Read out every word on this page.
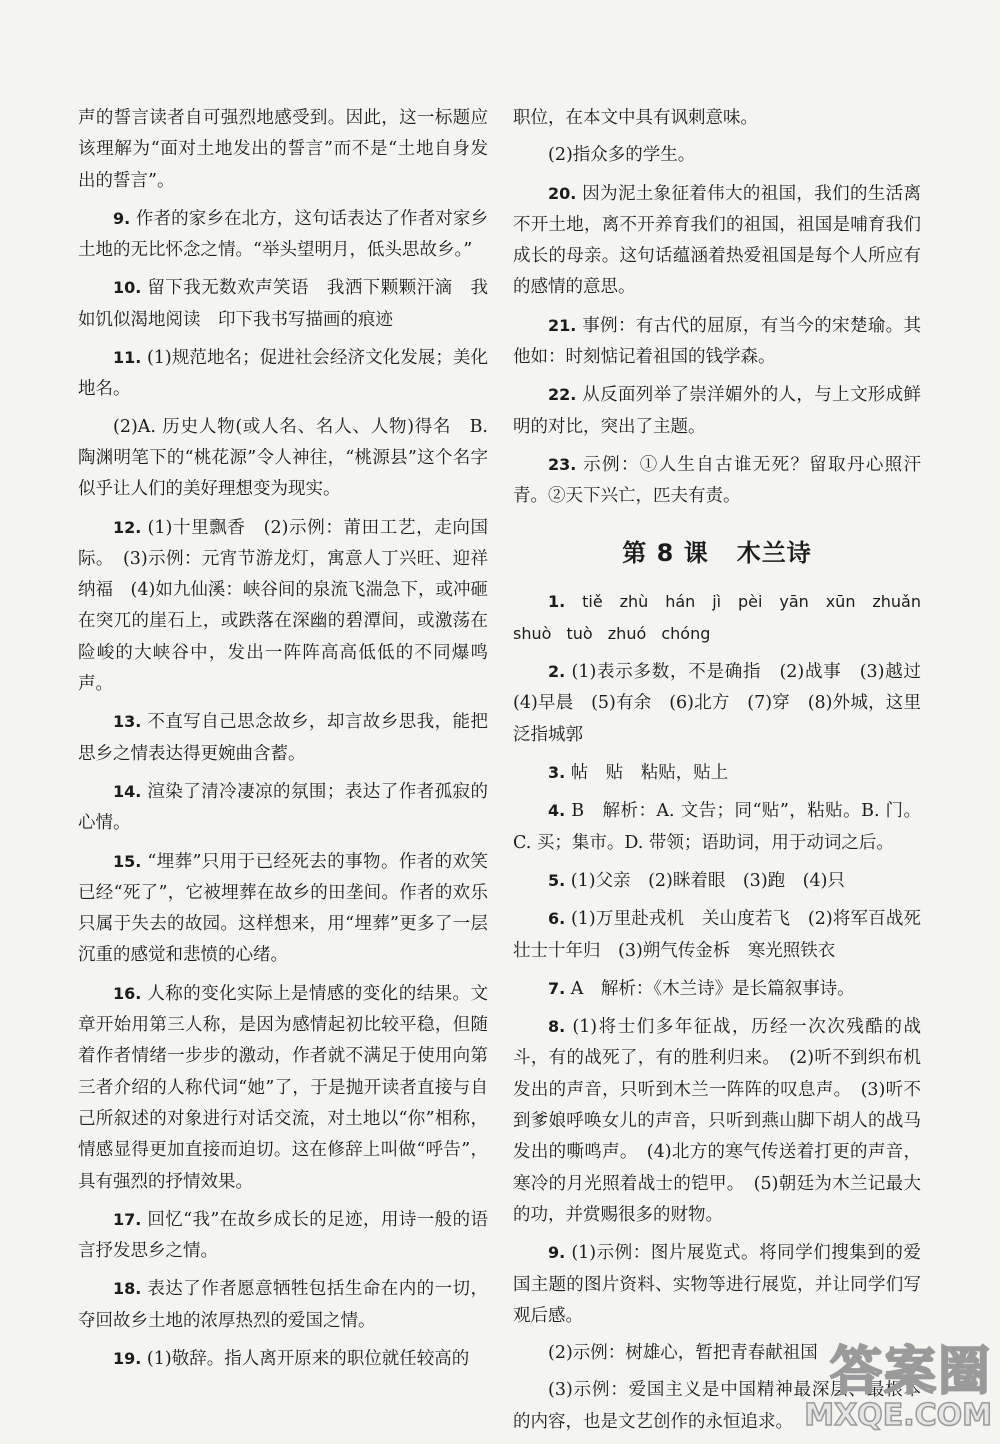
声的誓言读者自可强烈地感受到。因此，这一标题应该理解为“面对土地发出的誓言”而不是“土地自身发出的誓言”。

9. 作者的家乡在北方，这句话表达了作者对家乡土地的无比怀念之情。“举头望明月，低头思故乡。”

10. 留下我无数欢声笑语　我洒下颗颗汗滴　我如饥似渴地阅读　印下我书写描画的痕迹

11. (1)规范地名；促进社会经济文化发展；美化地名。

(2)A. 历史人物(或人名、名人、人物)得名　B. 陶渊明笔下的“桃花源”令人神往，“桃源县”这个名字似乎让人们的美好理想变为现实。

12. (1)十里飘香　(2)示例：莆田工艺，走向国际。　(3)示例：元宵节游龙灯，寓意人丁兴旺、迎祥纳福　(4)如九仙溪：峡谷间的泉流飞湍急下，或冲砸在突兀的崖石上，或跌落在深幽的碧潭间，或激荡在险峻的大峡谷中，发出一阵阵高高低低的不同爆鸣声。

13. 不直写自己思念故乡，却言故乡思我，能把思乡之情表达得更婉曲含蓄。

14. 渲染了清冷凄凉的氛围；表达了作者孤寂的心情。

15. “埋葬”只用于已经死去的事物。作者的欢笑已经“死了”，它被埋葬在故乡的田垄间。作者的欢乐只属于失去的故园。这样想来，用“埋葬”更多了一层沉重的感觉和悲愤的心绪。

16. 人称的变化实际上是情感的变化的结果。文章开始用第三人称，是因为感情起初比较平稳，但随着作者情绪一步步的激动，作者就不满足于使用向第三者介绍的人称代词“她”了，于是抛开读者直接与自己所叙述的对象进行对话交流，对土地以“你”相称，情感显得更加直接而迫切。这在修辞上叫做“呼告”，具有强烈的抒情效果。

17. 回忆“我”在故乡成长的足迹，用诗一般的语言抒发思乡之情。

18. 表达了作者愿意牺牲包括生命在内的一切，夺回故乡土地的浓厚热烈的爱国之情。

19. (1)敬辞。指人离开原来的职位就任较高的

职位，在本文中具有讽刺意味。

(2)指众多的学生。

20. 因为泥土象征着伟大的祖国，我们的生活离不开土地，离不开养育我们的祖国，祖国是哺育我们成长的母亲。这句话蕴涵着热爱祖国是每个人所应有的感情的意思。

21. 事例：有古代的屈原，有当今的宋楚瑜。其他如：时刻惦记着祖国的钱学森。

22. 从反面列举了崇洋媚外的人，与上文形成鲜明的对比，突出了主题。

23. 示例：①人生自古谁无死？留取丹心照汗青。②天下兴亡，匹夫有责。

第 8 课 木兰诗

1. tiě zhù hán jì pèi yān xūn zhuǎn shuò tuò zhuó chóng

2. (1)表示多数，不是确指　(2)战事　(3)越过　(4)早晨　(5)有余　(6)北方　(7)穿　(8)外城，这里泛指城郭

3. 帖　贴　粘贴，贴上

4. B　解析：A. 文告；同“贴”，粘贴。B. 门。C. 买；集市。D. 带领；语助词，用于动词之后。

5. (1)父亲　(2)眯着眼　(3)跑　(4)只

6. (1)万里赴戎机　关山度若飞　(2)将军百战死　壮士十年归　(3)朔气传金柝　寒光照铁衣

7. A　解析：《木兰诗》是长篇叙事诗。

8. (1)将士们多年征战，历经一次次残酷的战斗，有的战死了，有的胜利归来。　(2)听不到织布机发出的声音，只听到木兰一阵阵的叹息声。　(3)听不到爹娘呼唤女儿的声音，只听到燕山脚下胡人的战马发出的嘶鸣声。　(4)北方的寒气传送着打更的声音，寒冷的月光照着战士的铠甲。　(5)朝廷为木兰记最大的功，并赏赐很多的财物。

9. (1)示例：图片展览式。将同学们搜集到的爱国主题的图片资料、实物等进行展览，并让同学们写观后感。

(2)示例：树雄心，暂把青春献祖国

(3)示例：爱国主义是中国精神最深层、最根本的内容，也是文艺创作的永恒追求。

答案圈
MXQE.COM
